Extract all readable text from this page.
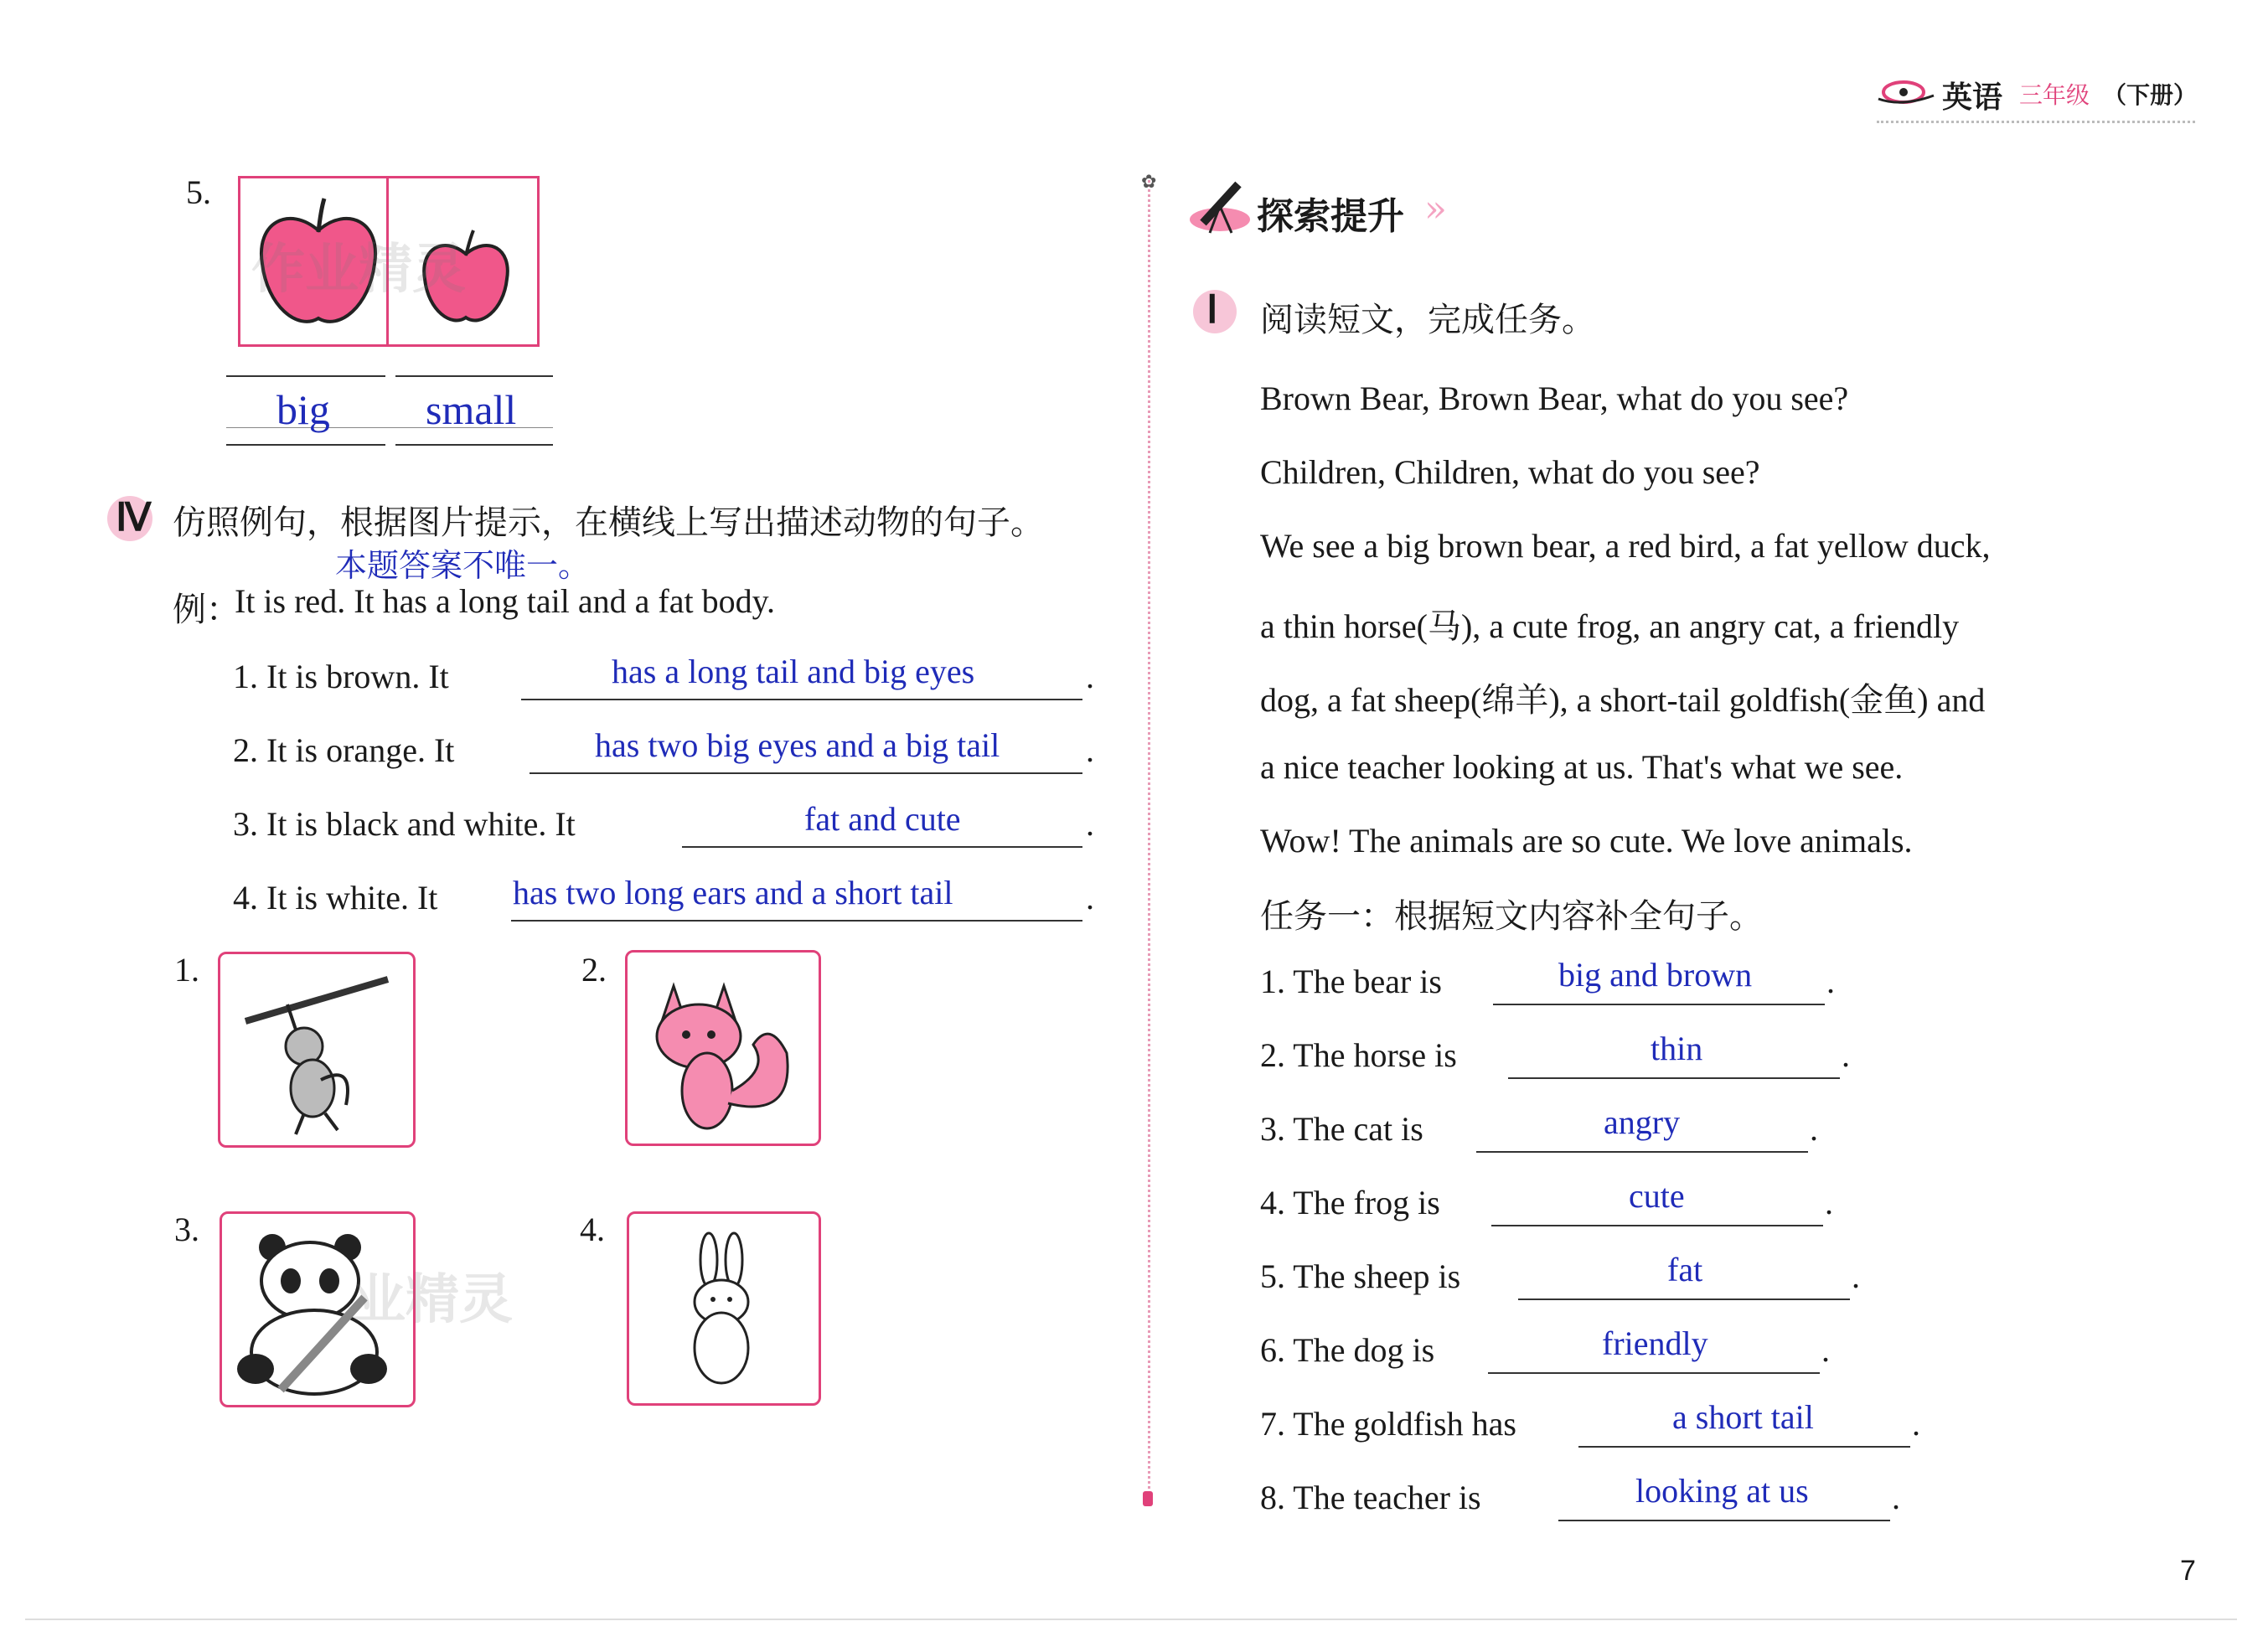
英语 三年级 （下册）
✿
5.
作业精灵
big small
Ⅳ 仿照例句，根据图片提示，在横线上写出描述动物的句子。
本题答案不唯一。
例：
It is red. It has a long tail and a fat body.
1. It is brown. It	has a long tail and big eyes	.
2. It is orange. It	has two big eyes and a big tail	.
3. It is black and white. It	fat and cute	.
4. It is white. It has two long ears and a short tail	.
1.	2.
3.
业精灵
4.
探索提升 »
Ⅰ 阅读短文，完成任务。
Brown Bear, Brown Bear, what do you see?
Children, Children, what do you see?
We see a big brown bear, a red bird, a fat yellow duck,
a thin horse(马), a cute frog, an angry cat, a friendly
dog, a fat sheep(绵羊), a short-tail goldfish(金鱼) and
a nice teacher looking at us. That's what we see.
Wow! The animals are so cute. We love animals.
任务一：根据短文内容补全句子。
1. The bear is	big and brown .
2. The horse is	thin	.
3. The cat is	angry	.
4. The frog is	cute	.
5. The sheep is	fat	.
6. The dog is	friendly	.
7. The goldfish has	a short tail	.
8. The teacher is	looking at us .
7
